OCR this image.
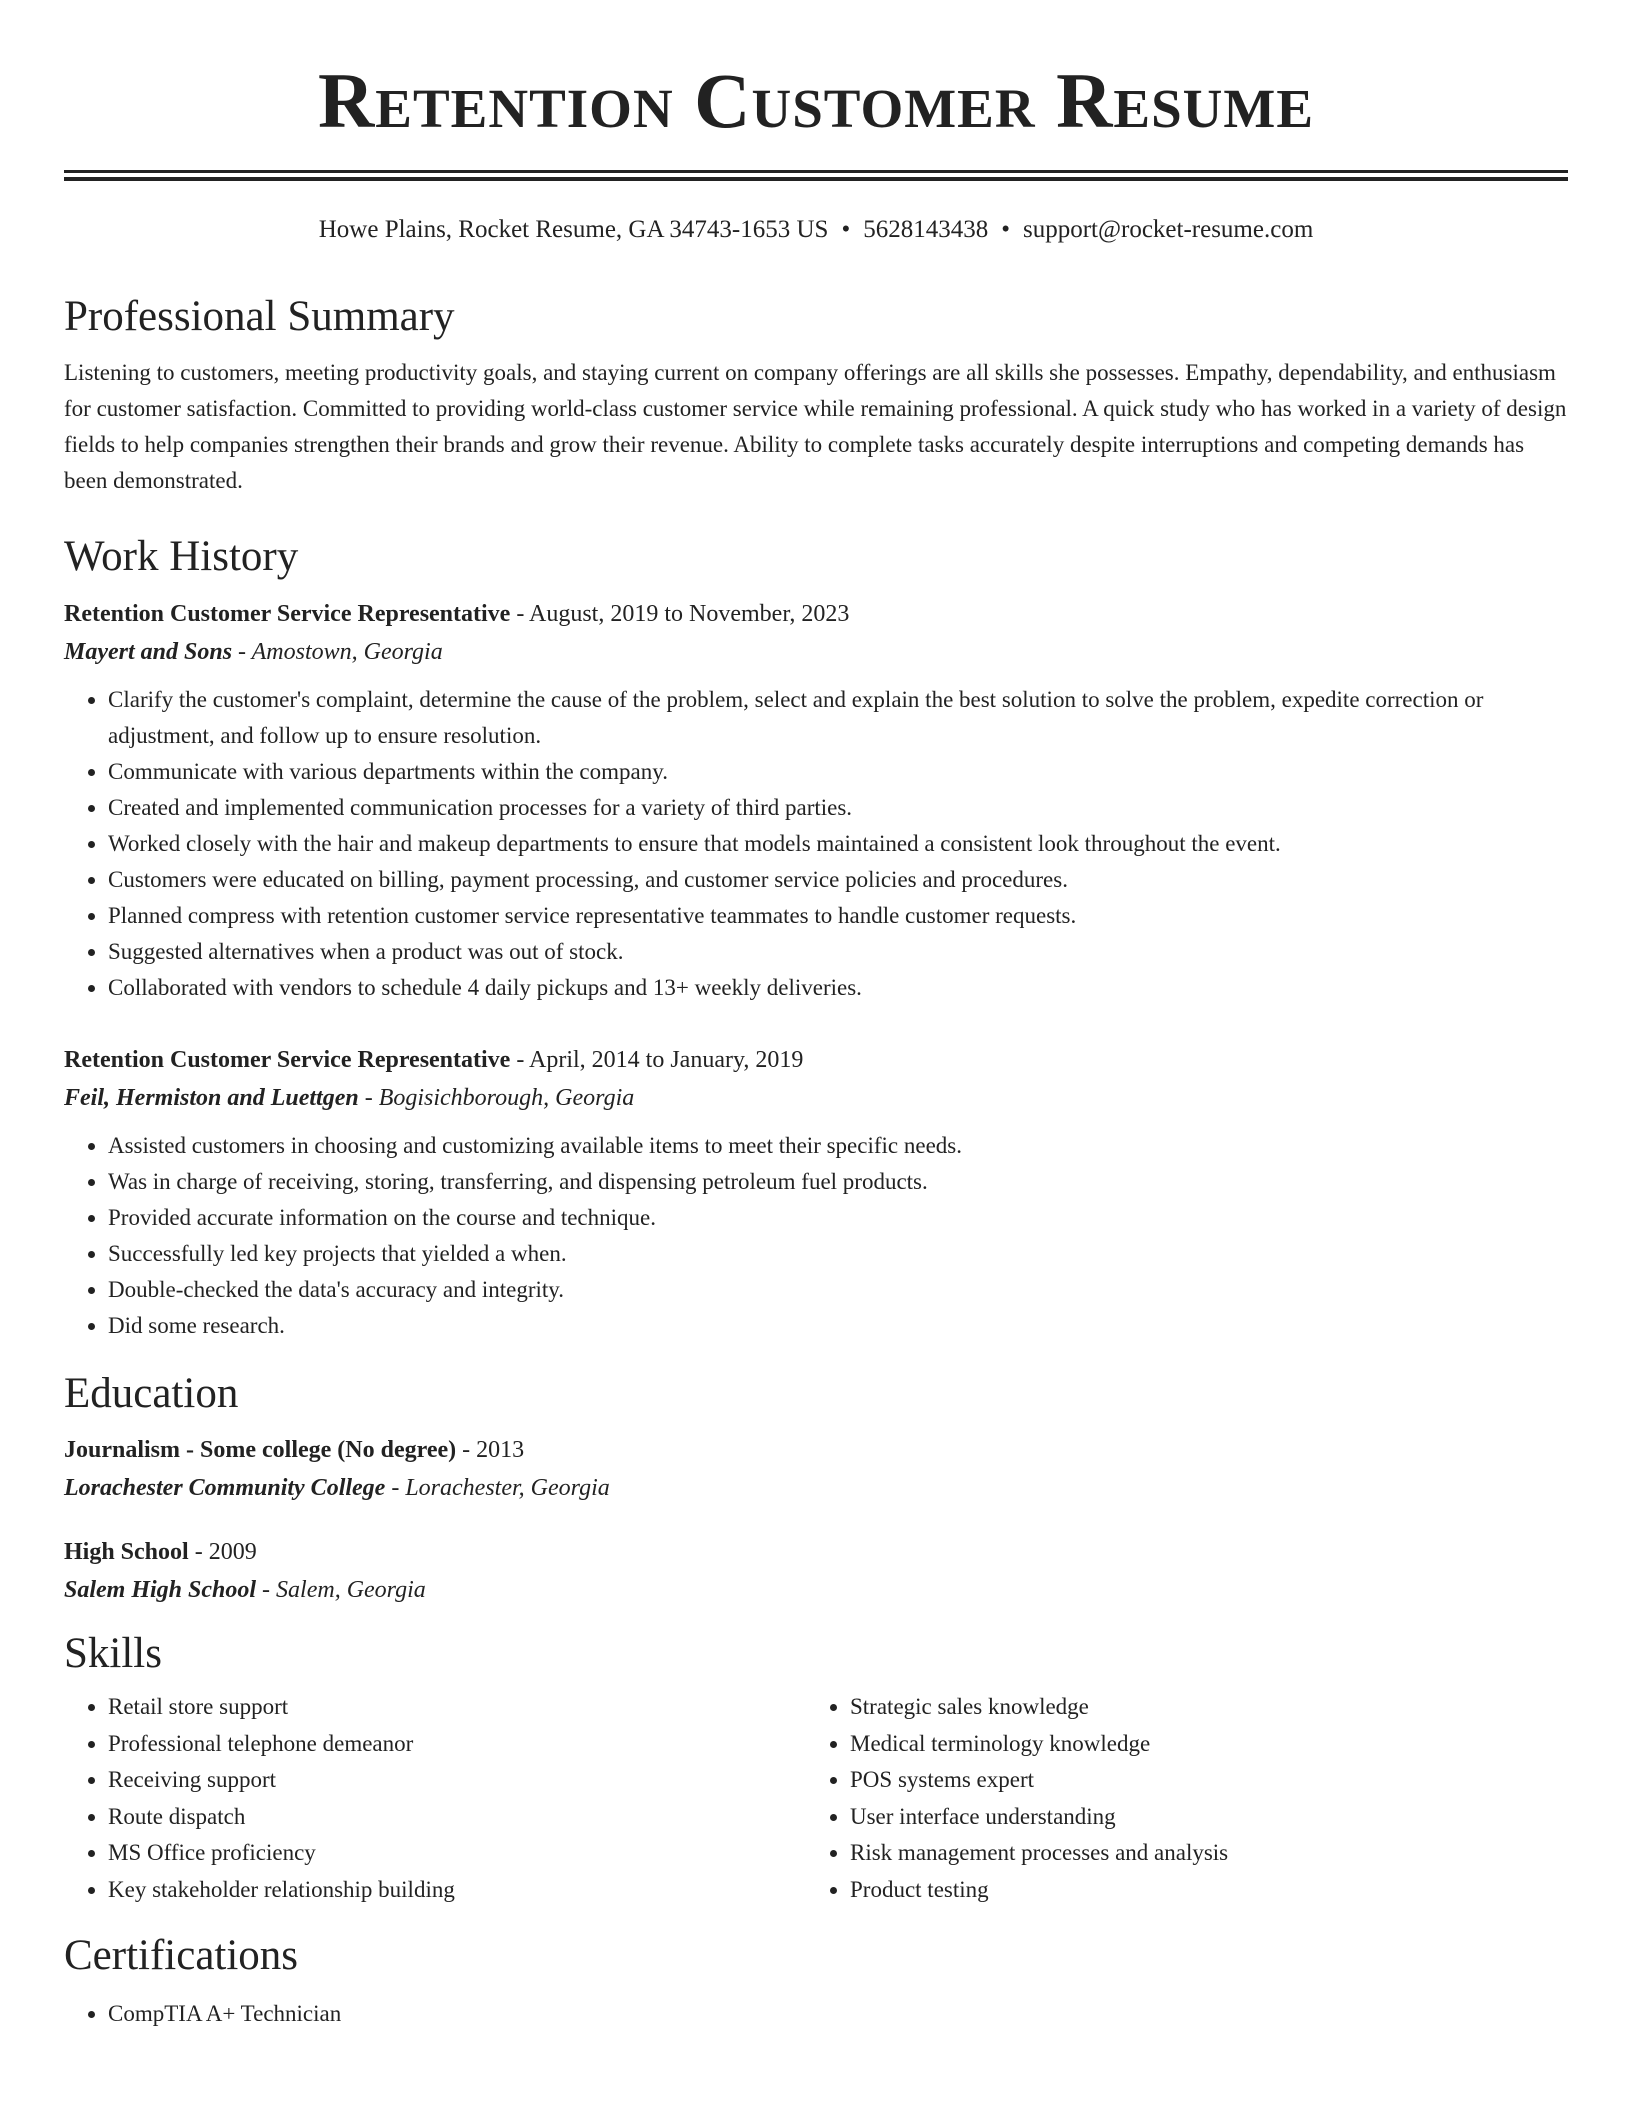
Retention Customer Resume
Howe Plains, Rocket Resume, GA 34743-1653 US • 5628143438 • support@rocket-resume.com
Professional Summary

Listening to customers, meeting productivity goals, and staying current on company offerings are all skills she possesses. Empathy, dependability, and enthusiasm for customer satisfaction. Committed to providing world-class customer service while remaining professional. A quick study who has worked in a variety of design fields to help companies strengthen their brands and grow their revenue. Ability to complete tasks accurately despite interruptions and competing demands has been demonstrated.

Work History
Retention Customer Service Representative - August, 2019 to November, 2023
Mayert and Sons - Amostown, Georgia
• Clarify the customer's complaint, determine the cause of the problem, select and explain the best solution to solve the problem, expedite correction or adjustment, and follow up to ensure resolution.
• Communicate with various departments within the company.
• Created and implemented communication processes for a variety of third parties.
• Worked closely with the hair and makeup departments to ensure that models maintained a consistent look throughout the event.
• Customers were educated on billing, payment processing, and customer service policies and procedures.
• Planned compress with retention customer service representative teammates to handle customer requests.
• Suggested alternatives when a product was out of stock.
• Collaborated with vendors to schedule 4 daily pickups and 13+ weekly deliveries.
Retention Customer Service Representative - April, 2014 to January, 2019
Feil, Hermiston and Luettgen - Bogisichborough, Georgia
• Assisted customers in choosing and customizing available items to meet their specific needs.
• Was in charge of receiving, storing, transferring, and dispensing petroleum fuel products.
• Provided accurate information on the course and technique.
• Successfully led key projects that yielded a when.
• Double-checked the data's accuracy and integrity.
• Did some research.
Education
Journalism - Some college (No degree) - 2013
Lorachester Community College - Lorachester, Georgia
High School - 2009
Salem High School - Salem, Georgia
Skills
• Retail store support
• Professional telephone demeanor
• Receiving support
• Route dispatch
• MS Office proficiency
• Key stakeholder relationship building
• Strategic sales knowledge
• Medical terminology knowledge
• POS systems expert
• User interface understanding
• Risk management processes and analysis
• Product testing
Certifications
• CompTIA A+ Technician
